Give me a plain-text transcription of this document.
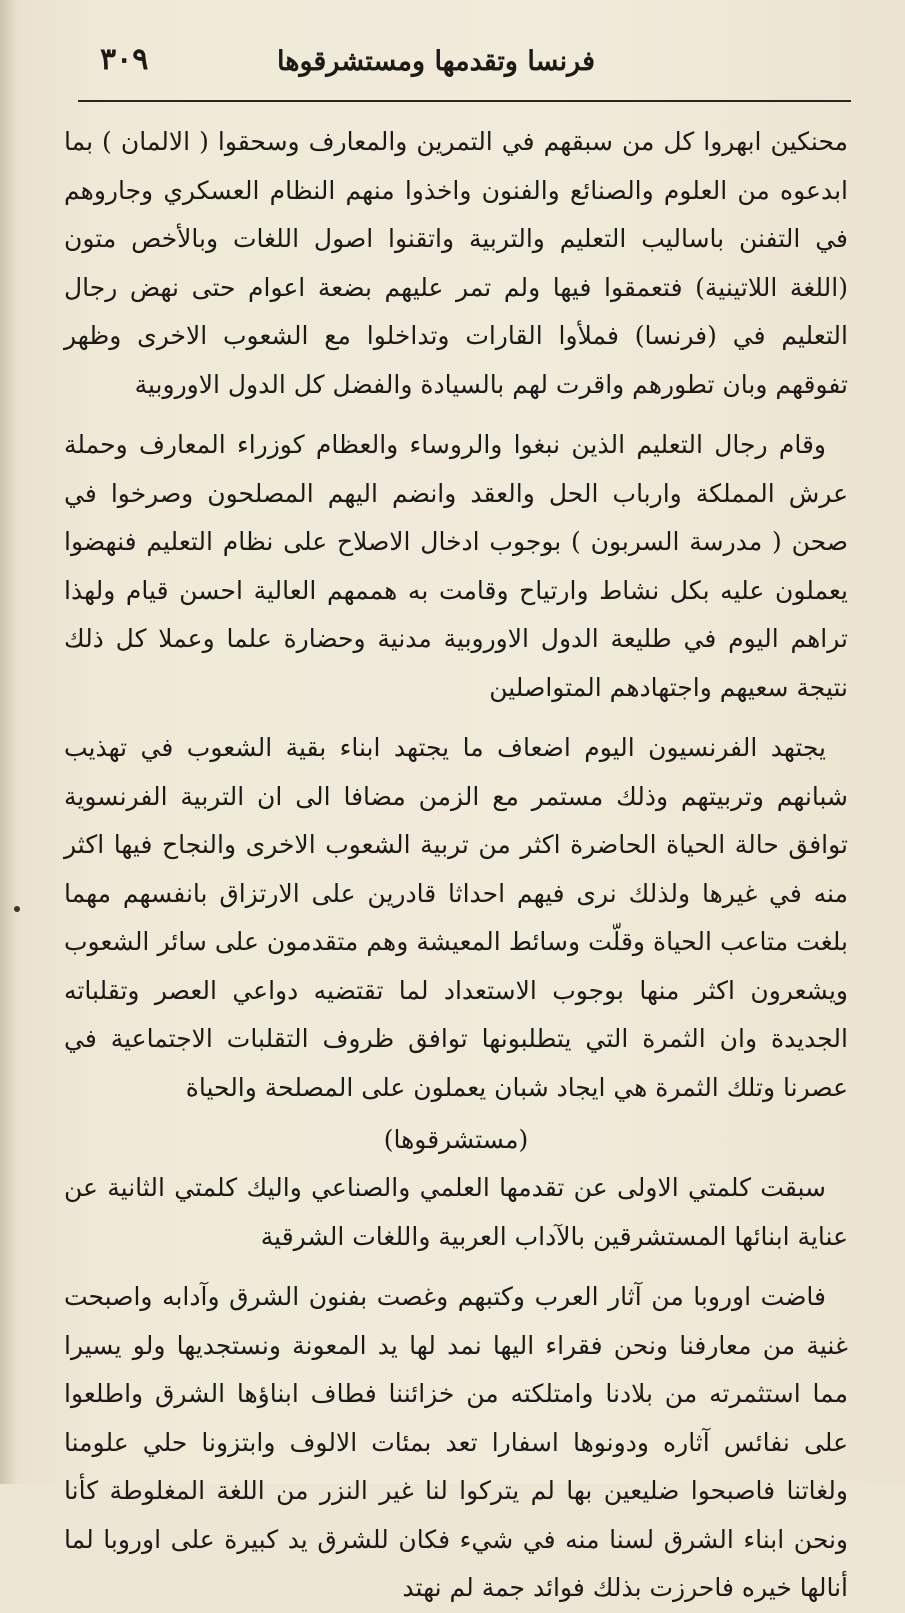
فرنسا وتقدمها ومستشرقوها
٣٠٩

محنكين ابهروا كل من سبقهم في التمرين والمعارف وسحقوا ( الالمان ) بما ابدعوه من العلوم والصنائع والفنون واخذوا منهم النظام العسكري وجاروهم في التفنن باساليب التعليم والتربية واتقنوا اصول اللغات وبالأخص متون (اللغة اللاتينية) فتعمقوا فيها ولم تمر عليهم بضعة اعوام حتى نهض رجال التعليم في (فرنسا) فملأوا القارات وتداخلوا مع الشعوب الاخرى وظهر تفوقهم وبان تطورهم واقرت لهم بالسيادة والفضل كل الدول الاوروبية

وقام رجال التعليم الذين نبغوا والروساء والعظام كوزراء المعارف وحملة عرش المملكة وارباب الحل والعقد وانضم اليهم المصلحون وصرخوا في صحن ( مدرسة السربون ) بوجوب ادخال الاصلاح على نظام التعليم فنهضوا يعملون عليه بكل نشاط وارتياح وقامت به هممهم العالية احسن قيام ولهذا تراهم اليوم في طليعة الدول الاوروبية مدنية وحضارة علما وعملا كل ذلك نتيجة سعيهم واجتهادهم المتواصلين

يجتهد الفرنسيون اليوم اضعاف ما يجتهد ابناء بقية الشعوب في تهذيب شبانهم وتربيتهم وذلك مستمر مع الزمن مضافا الى ان التربية الفرنسوية توافق حالة الحياة الحاضرة اكثر من تربية الشعوب الاخرى والنجاح فيها اكثر منه في غيرها ولذلك نرى فيهم احداثا قادرين على الارتزاق بانفسهم مهما بلغت متاعب الحياة وقلّت وسائط المعيشة وهم متقدمون على سائر الشعوب ويشعرون اكثر منها بوجوب الاستعداد لما تقتضيه دواعي العصر وتقلباته الجديدة وان الثمرة التي يتطلبونها توافق ظروف التقلبات الاجتماعية في عصرنا وتلك الثمرة هي ايجاد شبان يعملون على المصلحة والحياة

(مستشرقوها)

سبقت كلمتي الاولى عن تقدمها العلمي والصناعي واليك كلمتي الثانية عن عناية ابنائها المستشرقين بالآداب العربية واللغات الشرقية

فاضت اوروبا من آثار العرب وكتبهم وغصت بفنون الشرق وآدابه واصبحت غنية من معارفنا ونحن فقراء اليها نمد لها يد المعونة ونستجديها ولو يسيرا مما استثمرته من بلادنا وامتلكته من خزائننا فطاف ابناؤها الشرق واطلعوا على نفائس آثاره ودونوها اسفارا تعد بمئات الالوف وابتزونا حلي علومنا ولغاتنا فاصبحوا ضليعين بها لم يتركوا لنا غير النزر من اللغة المغلوطة كأنا ونحن ابناء الشرق لسنا منه في شيء فكان للشرق يد كبيرة على اوروبا لما أنالها خيره فاحرزت بذلك فوائد جمة لم نهتد
